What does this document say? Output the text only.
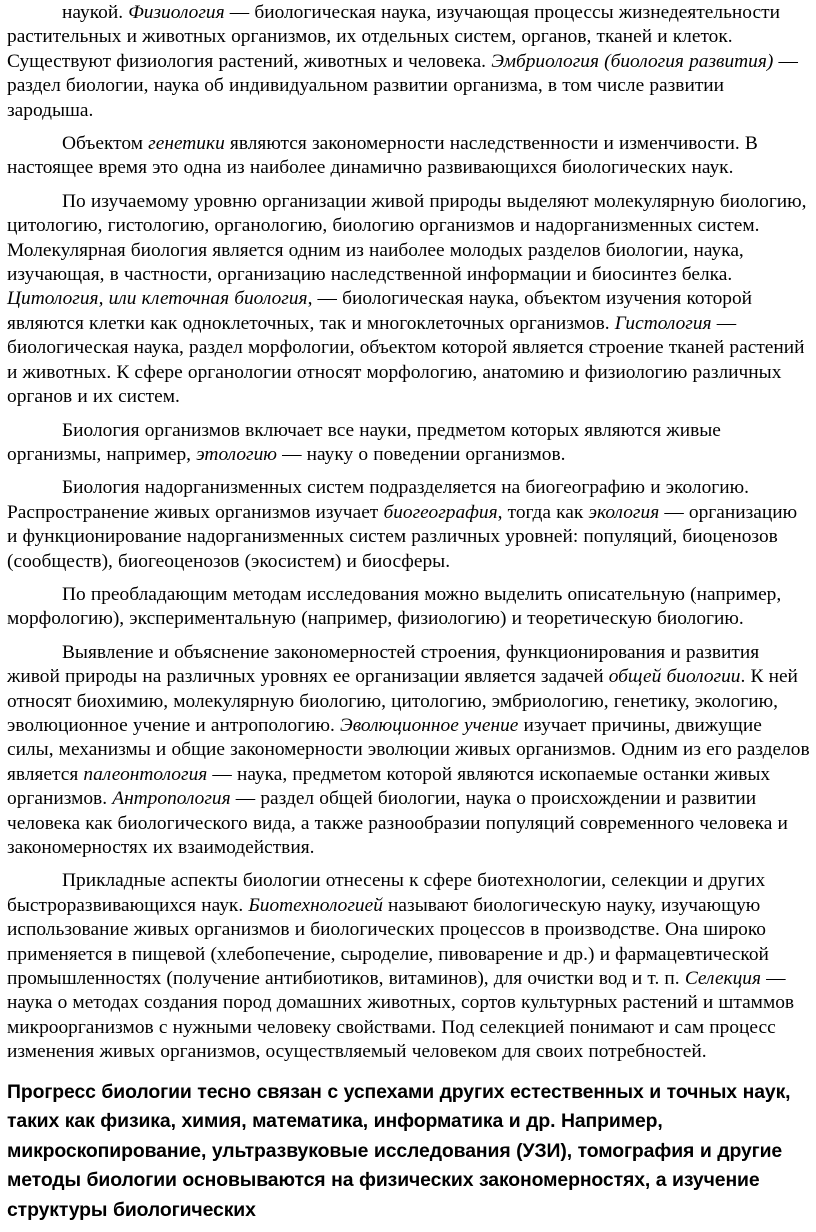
наукой. Физиология — биологическая наука, изучающая процессы жизнедеятельности растительных и животных организмов, их отдельных систем, органов, тканей и клеток. Существуют физиология растений, животных и человека. Эмбриология (биология развития) — раздел биологии, наука об индивидуальном развитии организма, в том числе развитии зародыша.

Объектом генетики являются закономерности наследственности и изменчивости. В настоящее время это одна из наиболее динамично развивающихся биологических наук.

По изучаемому уровню организации живой природы выделяют молекулярную биологию, цитологию, гистологию, органологию, биологию организмов и надорганизменных систем. Молекулярная биология является одним из наиболее молодых разделов биологии, наука, изучающая, в частности, организацию наследственной информации и биосинтез белка. Цитология, или клеточная биология, — биологическая наука, объектом изучения которой являются клетки как одноклеточных, так и многоклеточных организмов. Гистология — биологическая наука, раздел морфологии, объектом которой является строение тканей растений и животных. К сфере органологии относят морфологию, анатомию и физиологию различных органов и их систем.

Биология организмов включает все науки, предметом которых являются живые организмы, например, этологию — науку о поведении организмов.

Биология надорганизменных систем подразделяется на биогеографию и экологию. Распространение живых организмов изучает биогеография, тогда как экология — организацию и функционирование надорганизменных систем различных уровней: популяций, биоценозов (сообществ), биогеоценозов (экосистем) и биосферы.

По преобладающим методам исследования можно выделить описательную (например, морфологию), экспериментальную (например, физиологию) и теоретическую биологию.

Выявление и объяснение закономерностей строения, функционирования и развития живой природы на различных уровнях ее организации является задачей общей биологии. К ней относят биохимию, молекулярную биологию, цитологию, эмбриологию, генетику, экологию, эволюционное учение и антропологию. Эволюционное учение изучает причины, движущие силы, механизмы и общие закономерности эволюции живых организмов. Одним из его разделов является палеонтология — наука, предметом которой являются ископаемые останки живых организмов. Антропология — раздел общей биологии, наука о происхождении и развитии человека как биологического вида, а также разнообразии популяций современного человека и закономерностях их взаимодействия.

Прикладные аспекты биологии отнесены к сфере биотехнологии, селекции и других быстроразвивающихся наук. Биотехнологией называют биологическую науку, изучающую использование живых организмов и биологических процессов в производстве. Она широко применяется в пищевой (хлебопечение, сыроделие, пивоварение и др.) и фармацевтической промышленностях (получение антибиотиков, витаминов), для очистки вод и т. п. Селекция — наука о методах создания пород домашних животных, сортов культурных растений и штаммов микроорганизмов с нужными человеку свойствами. Под селекцией понимают и сам процесс изменения живых организмов, осуществляемый человеком для своих потребностей.

Прогресс биологии тесно связан с успехами других естественных и точных наук, таких как физика, химия, математика, информатика и др. Например, микроскопирование, ультразвуковые исследования (УЗИ), томография и другие методы биологии основываются на физических закономерностях, а изучение структуры биологических
